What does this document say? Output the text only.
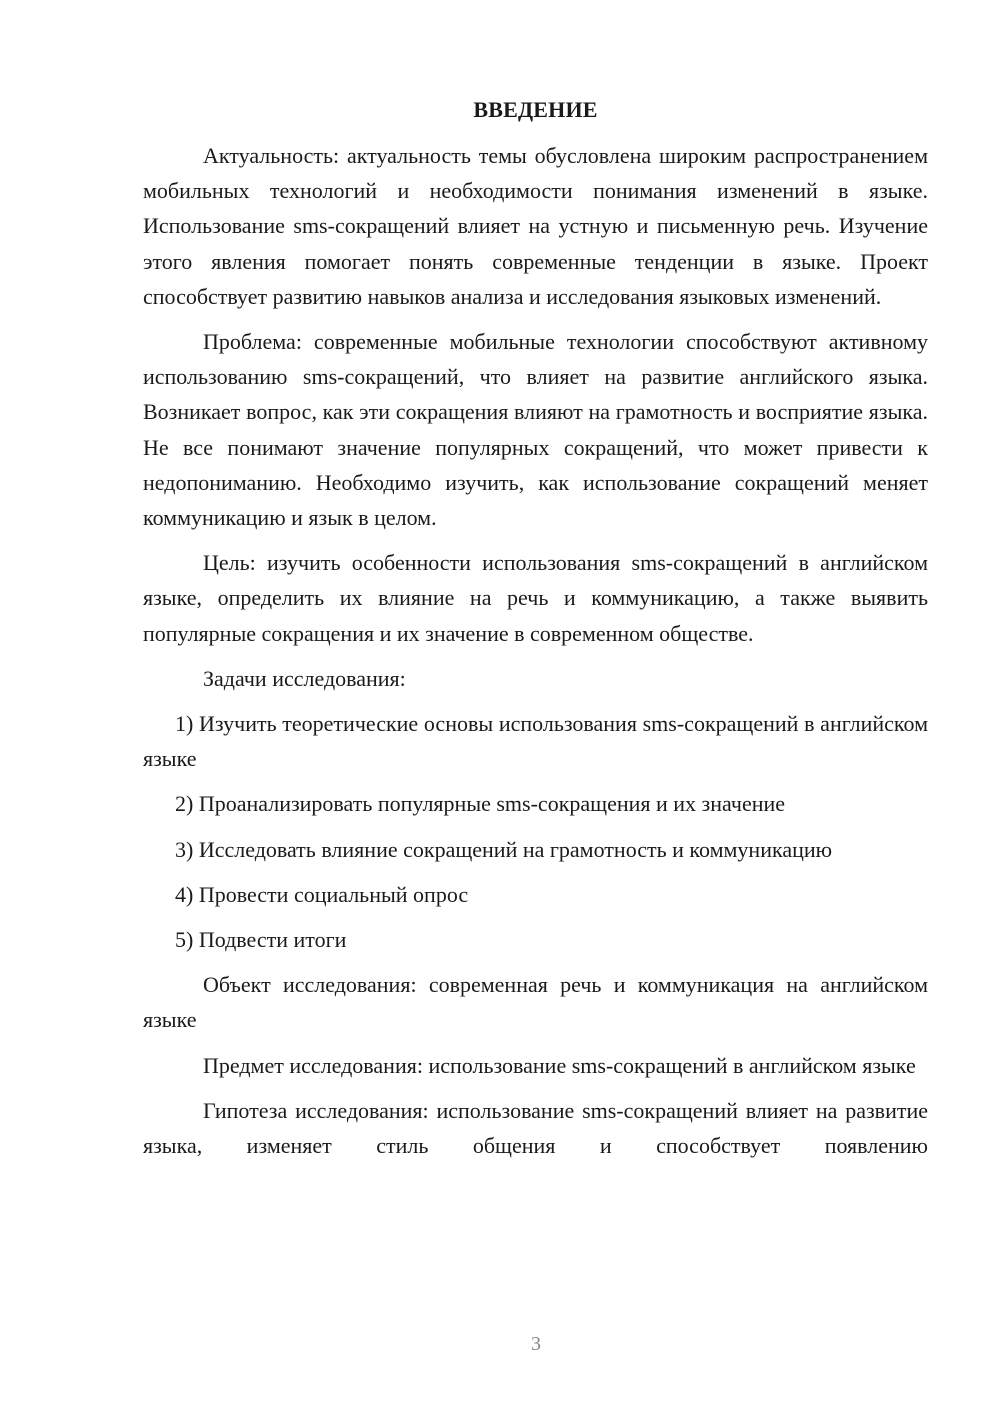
ВВЕДЕНИЕ

Актуальность: актуальность темы обусловлена широким распространением мобильных технологий и необходимости понимания изменений в языке. Использование sms-сокращений влияет на устную и письменную речь. Изучение этого явления помогает понять современные тенденции в языке. Проект способствует развитию навыков анализа и исследования языковых изменений.

Проблема: современные мобильные технологии способствуют активному использованию sms-сокращений, что влияет на развитие английского языка. Возникает вопрос, как эти сокращения влияют на грамотность и восприятие языка. Не все понимают значение популярных сокращений, что может привести к недопониманию. Необходимо изучить, как использование сокращений меняет коммуникацию и язык в целом.

Цель: изучить особенности использования sms-сокращений в английском языке, определить их влияние на речь и коммуникацию, а также выявить популярные сокращения и их значение в современном обществе.

Задачи исследования:

1) Изучить теоретические основы использования sms-сокращений в английском языке

2) Проанализировать популярные sms-сокращения и их значение

3) Исследовать влияние сокращений на грамотность и коммуникацию

4) Провести социальный опрос

5) Подвести итоги

Объект исследования: современная речь и коммуникация на английском языке

Предмет исследования: использование sms-сокращений в английском языке

Гипотеза исследования: использование sms-сокращений влияет на развитие языка, изменяет стиль общения и способствует появлению

3
